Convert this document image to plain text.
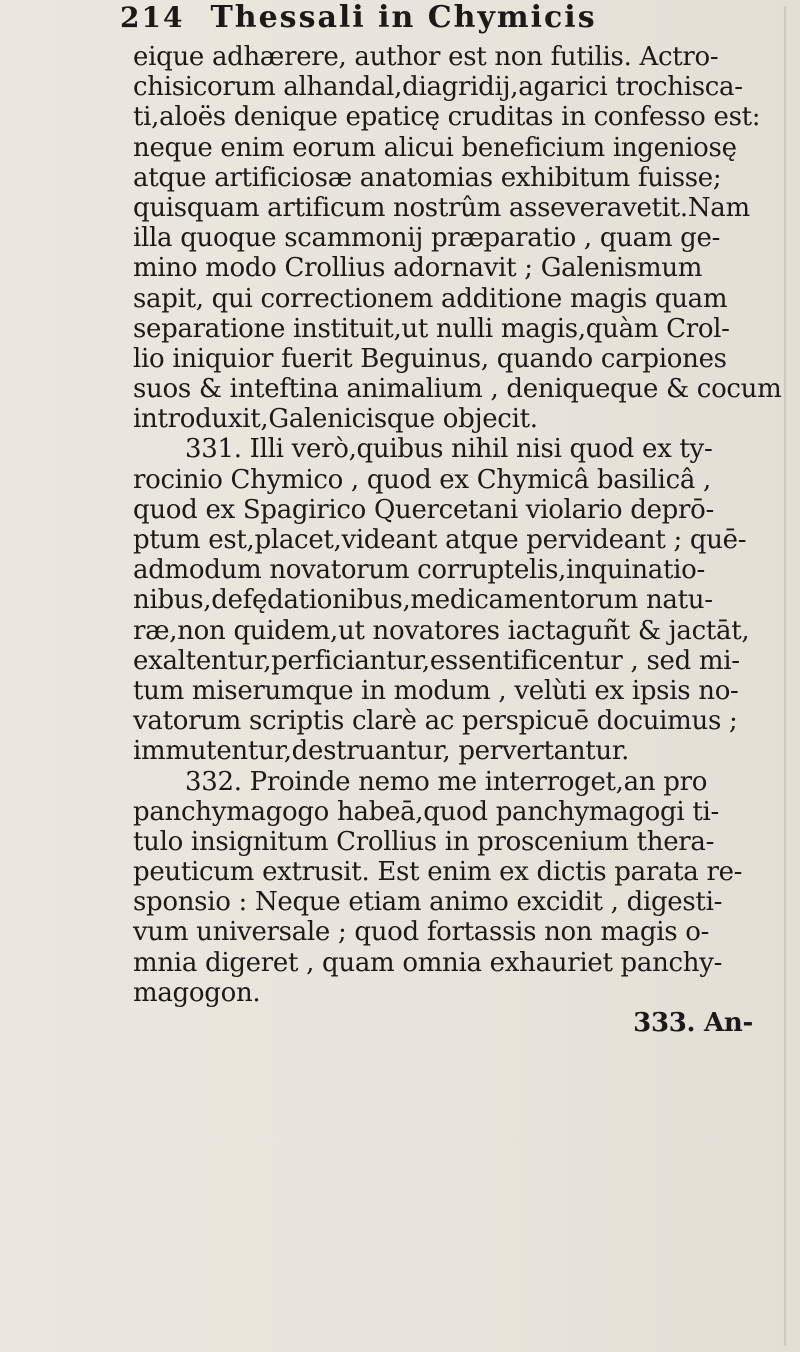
214 Thessali in Chymicis
eique adhærere, author est non futilis. Actro-
chisicorum alhandal,diagridij,agarici trochisca-
ti,aloës denique epaticę cruditas in confesso est:
neque enim eorum alicui beneficium ingeniosę
atque artificiosæ anatomias exhibitum fuisse;
quisquam artificum nostrûm asseveravetit.Nam
illa quoque scammonij præparatio , quam ge-
mino modo Crollius adornavit ; Galenismum
sapit, qui correctionem additione magis quam
separatione instituit,ut nulli magis,quàm Crol-
lio iniquior fuerit Beguinus, quando carpiones
suos & inteftina animalium , deniqueque & cocum
introduxit,Galenicisque objecit.
331. Illi verò,quibus nihil nisi quod ex ty-
rocinio Chymico , quod ex Chymicâ basilicâ ,
quod ex Spagirico Quercetani violario deprō-
ptum est,placet,videant atque pervideant ; quē-
admodum novatorum corruptelis,inquinatio-
nibus,defędationibus,medicamentorum natu-
ræ,non quidem,ut novatores iactaguñt & jactāt,
exaltentur,perficiantur,essentificentur , sed mi-
tum miserumque in modum , velùti ex ipsis no-
vatorum scriptis clarè ac perspicuē docuimus ;
immutentur,destruantur, pervertantur.
332. Proinde nemo me interroget,an pro
panchymagogo habeā,quod panchymagogi ti-
tulo insignitum Crollius in proscenium thera-
peuticum extrusit. Est enim ex dictis parata re-
sponsio : Neque etiam animo excidit , digesti-
vum universale ; quod fortassis non magis o-
mnia digeret , quam omnia exhauriet panchy-
magogon.
333. An-
